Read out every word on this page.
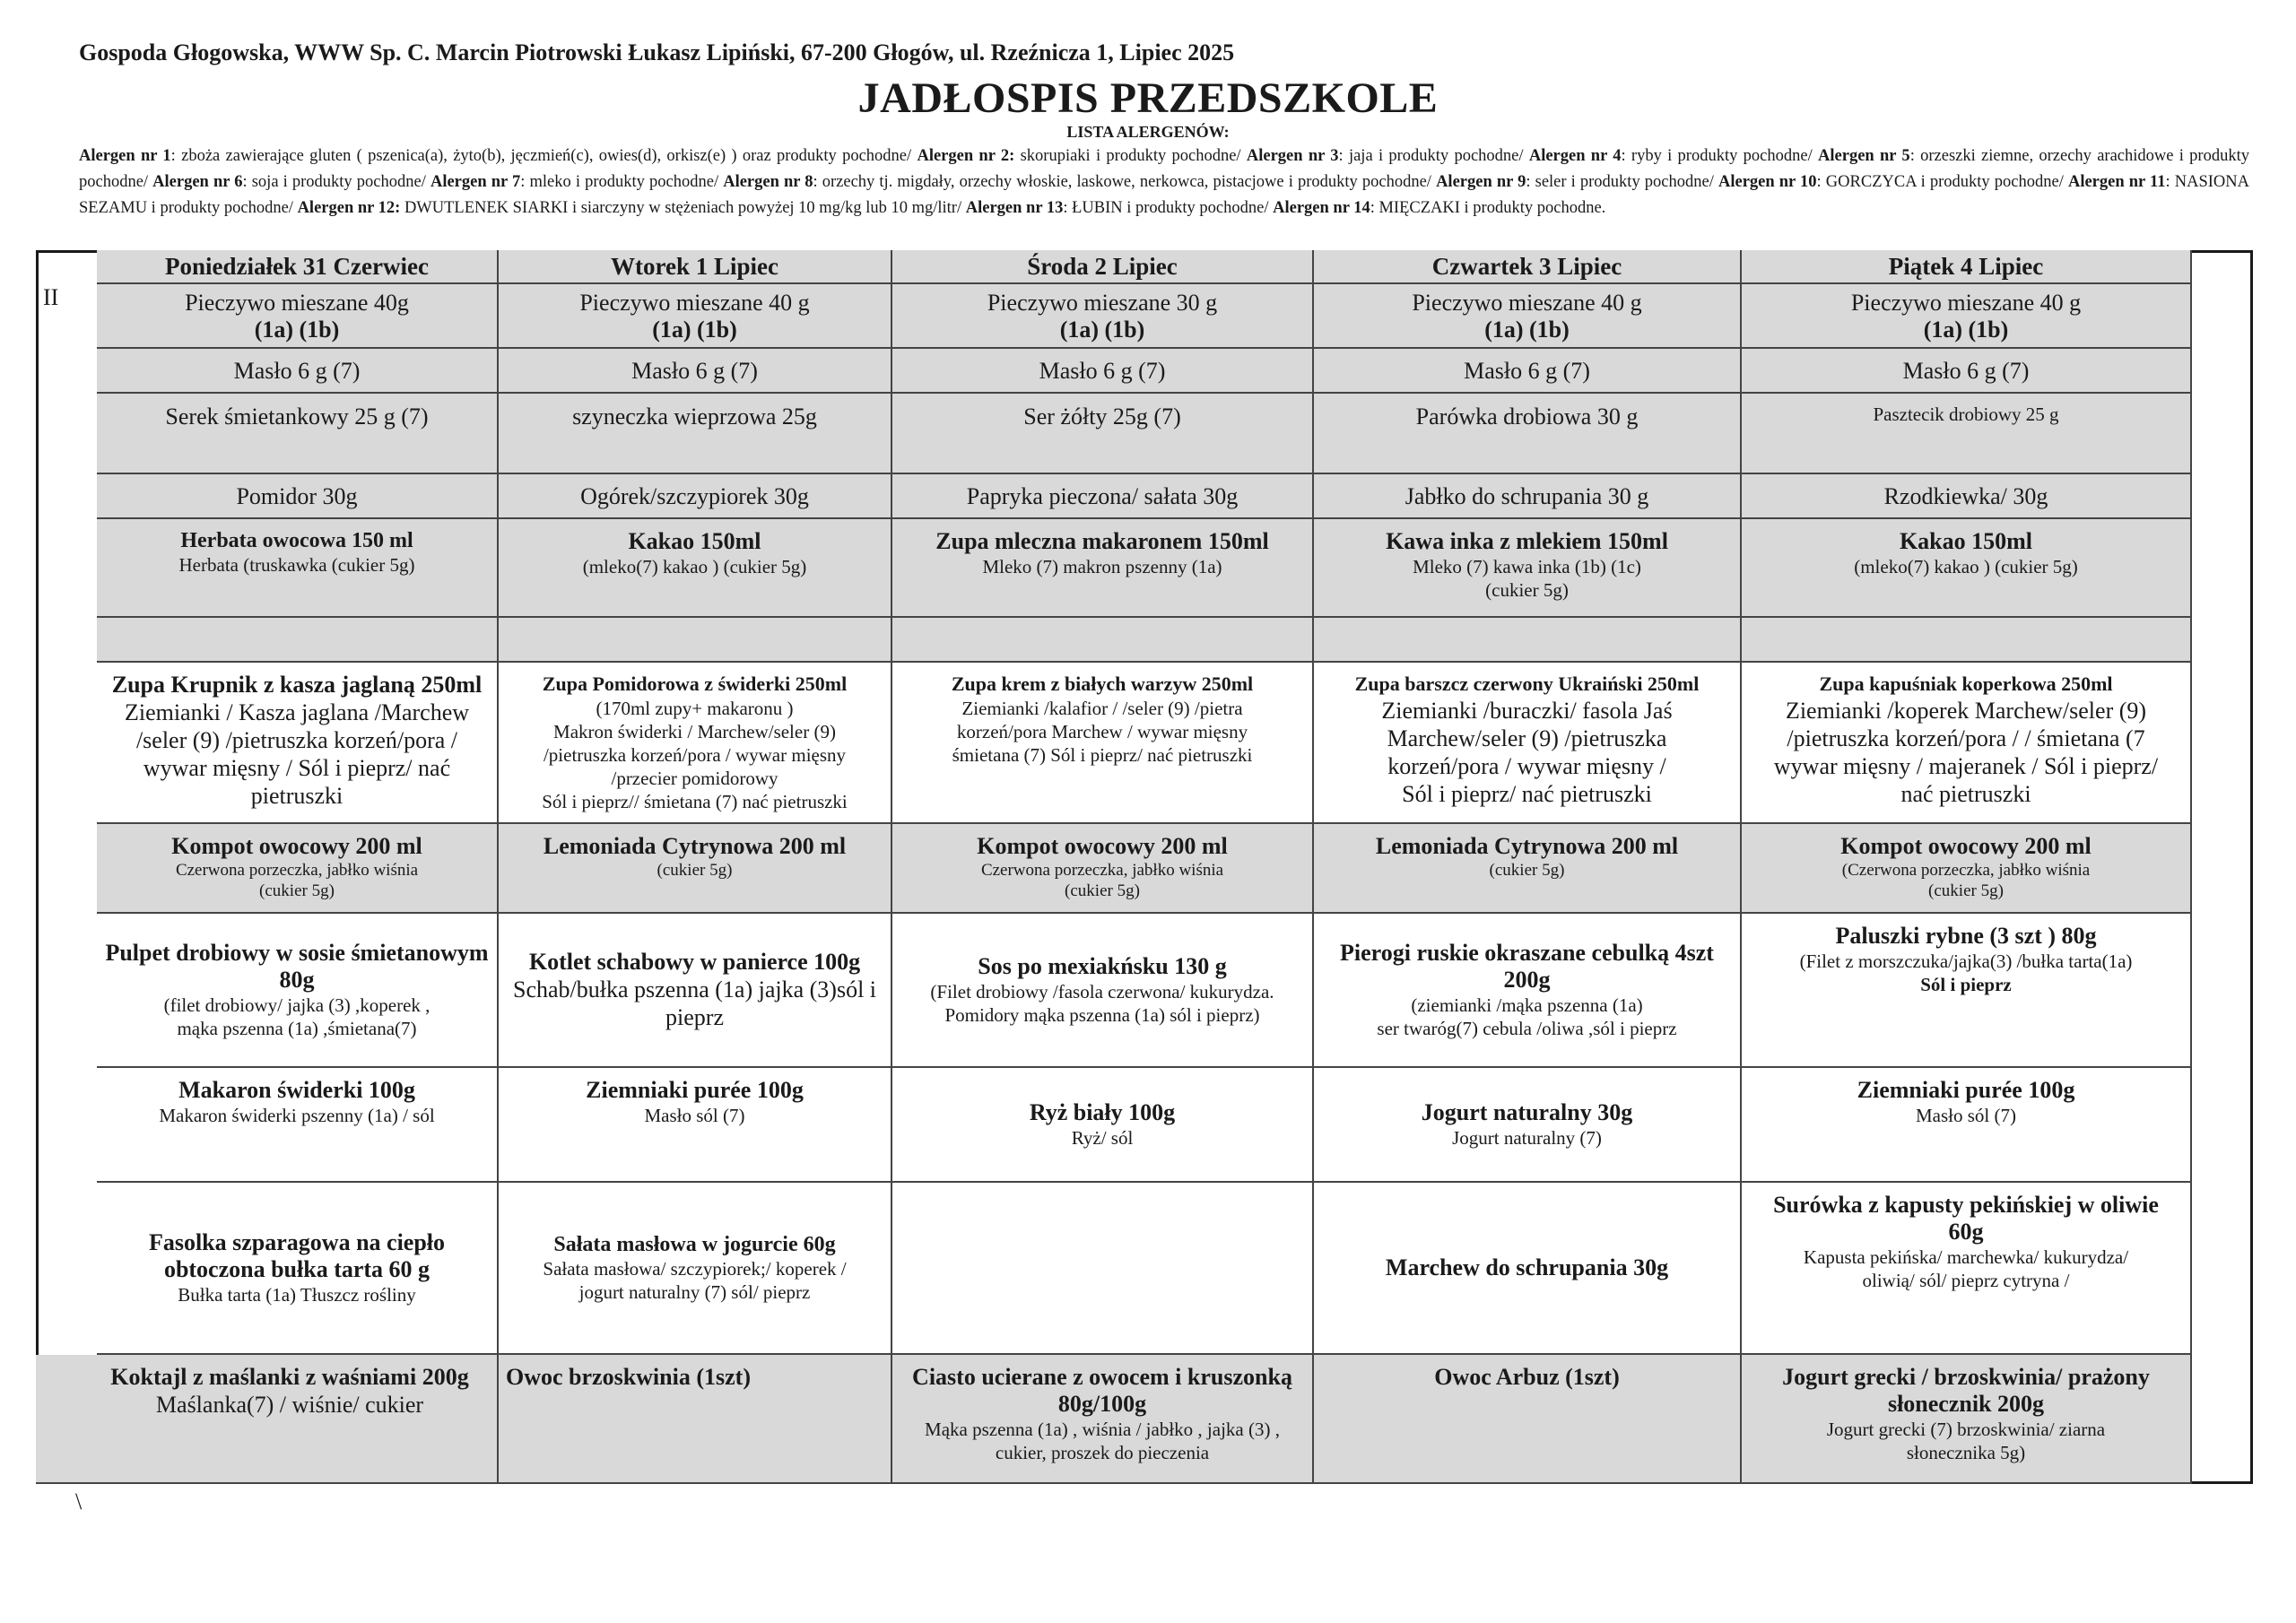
Gospoda Głogowska, WWW Sp. C. Marcin Piotrowski Łukasz Lipiński, 67-200 Głogów, ul. Rzeźnicza 1, Lipiec 2025
JADŁOSPIS PRZEDSZKOLE
LISTA ALERGENÓW:
Alergen nr 1: zboża zawierające gluten ( pszenica(a), żyto(b), jęczmień(c), owies(d), orkisz(e) ) oraz produkty pochodne/ Alergen nr 2: skorupiaki i produkty pochodne/ Alergen nr 3: jaja i produkty pochodne/ Alergen nr 4: ryby i produkty pochodne/ Alergen nr 5: orzeszki ziemne, orzechy arachidowe i produkty pochodne/ Alergen nr 6: soja i produkty pochodne/ Alergen nr 7: mleko i produkty pochodne/ Alergen nr 8: orzechy tj. migdały, orzechy włoskie, laskowe, nerkowca, pistacjowe i produkty pochodne/ Alergen nr 9: seler i produkty pochodne/ Alergen nr 10: GORCZYCA i produkty pochodne/ Alergen nr 11: NASIONA SEZAMU i produkty pochodne/ Alergen nr 12: DWUTLENEK SIARKI i siarczyny w stężeniach powyżej 10 mg/kg lub 10 mg/litr/ Alergen nr 13: ŁUBIN i produkty pochodne/ Alergen nr 14: MIĘCZAKI i produkty pochodne.
II
Poniedziałek 31 Czerwiec
Pieczywo mieszane 40g
(1a) (1b)
Masło 6 g (7)
Serek śmietankowy 25 g (7)
Pomidor 30g
Herbata owocowa 150 ml
Herbata (truskawka (cukier 5g)
Zupa Krupnik z kasza jaglaną 250ml
Ziemianki / Kasza jaglana /Marchew
/seler (9) /pietruszka korzeń/pora /
wywar mięsny / Sól i pieprz/ nać
pietruszki
Kompot owocowy 200 ml
Czerwona porzeczka, jabłko wiśnia
(cukier 5g)
Pulpet drobiowy w sosie śmietanowym
80g
(filet drobiowy/ jajka (3) ,koperek ,
mąka pszenna (1a) ,śmietana(7)
Makaron świderki 100g
Makaron świderki pszenny (1a) / sól
Fasolka szparagowa na ciepło
obtoczona bułka tarta 60 g
Bułka tarta (1a) Tłuszcz rośliny
Koktajl z maślanki z waśniami 200g
Maślanka(7) / wiśnie/ cukier
Wtorek 1 Lipiec
Pieczywo mieszane 40 g
(1a) (1b)
Masło 6 g (7)
szyneczka wieprzowa 25g
Ogórek/szczypiorek 30g
Kakao 150ml
(mleko(7) kakao ) (cukier 5g)
Zupa Pomidorowa z świderki 250ml
(170ml zupy+ makaronu )
Makron świderki / Marchew/seler (9)
/pietruszka korzeń/pora / wywar mięsny
/przecier pomidorowy
Sól i pieprz// śmietana (7) nać pietruszki
Lemoniada Cytrynowa 200 ml
(cukier 5g)
Kotlet schabowy w panierce 100g
Schab/bułka pszenna (1a) jajka (3)sól i
pieprz
Ziemniaki purée 100g
Masło sól (7)
Sałata masłowa w jogurcie 60g
Sałata masłowa/ szczypiorek;/ koperek /
jogurt naturalny (7) sól/ pieprz
Owoc brzoskwinia (1szt)
Środa 2 Lipiec
Pieczywo mieszane 30 g
(1a) (1b)
Masło 6 g (7)
Ser żółty 25g (7)
Papryka pieczona/ sałata 30g
Zupa mleczna makaronem 150ml
Mleko (7) makron pszenny (1a)
Zupa krem z białych warzyw 250ml
Ziemianki /kalafior / /seler (9) /pietra
korzeń/pora Marchew / wywar mięsny
śmietana (7) Sól i pieprz/ nać pietruszki
Kompot owocowy 200 ml
Czerwona porzeczka, jabłko wiśnia
(cukier 5g)
Sos po mexiakńsku 130 g
(Filet drobiowy /fasola czerwona/ kukurydza.
Pomidory mąka pszenna (1a) sól i pieprz)
Ryż biały 100g
Ryż/ sól
Ciasto ucierane z owocem i kruszonką 80g/100g
Mąka pszenna (1a) , wiśnia / jabłko , jajka (3) ,
cukier, proszek do pieczenia
Czwartek 3 Lipiec
Pieczywo mieszane 40 g
(1a) (1b)
Masło 6 g (7)
Parówka drobiowa 30 g
Jabłko do schrupania 30 g
Kawa inka z mlekiem 150ml
Mleko (7) kawa inka (1b) (1c)
(cukier 5g)
Zupa barszcz czerwony Ukraiński 250ml
Ziemianki /buraczki/ fasola Jaś
Marchew/seler (9) /pietruszka
korzeń/pora / wywar mięsny /
Sól i pieprz/ nać pietruszki
Lemoniada Cytrynowa 200 ml
(cukier 5g)
Pierogi ruskie okraszane cebulką 4szt
200g
(ziemianki /mąka pszenna (1a)
ser twaróg(7) cebula /oliwa ,sól i pieprz
Jogurt naturalny 30g
Jogurt naturalny (7)
Marchew do schrupania 30g
Owoc Arbuz (1szt)
Piątek 4 Lipiec
Pieczywo mieszane 40 g
(1a) (1b)
Masło 6 g (7)
Pasztecik drobiowy 25 g
Rzodkiewka/ 30g
Kakao 150ml
(mleko(7) kakao ) (cukier 5g)
Zupa kapuśniak koperkowa 250ml
Ziemianki /koperek Marchew/seler (9)
/pietruszka korzeń/pora / / śmietana (7
wywar mięsny / majeranek / Sól i pieprz/
nać pietruszki
Kompot owocowy 200 ml
(Czerwona porzeczka, jabłko wiśnia
(cukier 5g)
Paluszki rybne (3 szt ) 80g
(Filet z morszczuka/jajka(3) /bułka tarta(1a)
Sól i pieprz
Ziemniaki purée 100g
Masło sól (7)
Surówka z kapusty pekińskiej w oliwie
60g
Kapusta pekińska/ marchewka/ kukurydza/
oliwią/ sól/ pieprz cytryna /
Jogurt grecki / brzoskwinia/ prażony słonecznik 200g
Jogurt grecki (7) brzoskwinia/ ziarna
słonecznika 5g)
\
